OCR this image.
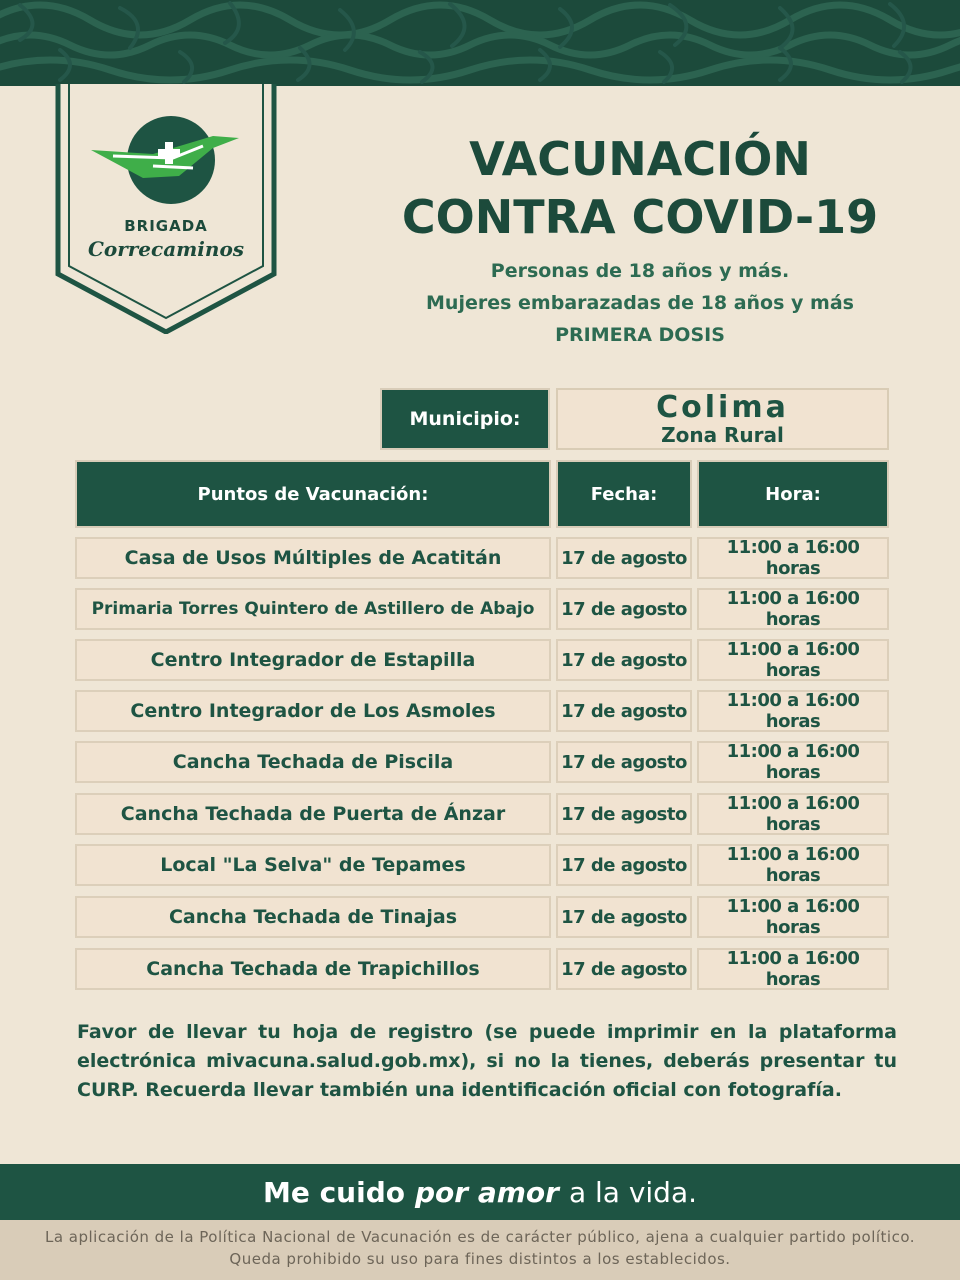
BRIGADA
Correcaminos
VACUNACIÓN
CONTRA COVID-19
Personas de 18 años y más.
Mujeres embarazadas de 18 años y más
PRIMERA DOSIS
Municipio:	Colima
Zona Rural
Puntos de Vacunación:	Fecha:	Hora:
Casa de Usos Múltiples de Acatitán	17 de agosto	11:00 a 16:00 horas
Primaria Torres Quintero de Astillero de Abajo	17 de agosto	11:00 a 16:00 horas
Centro Integrador de Estapilla	17 de agosto	11:00 a 16:00 horas
Centro Integrador de Los Asmoles	17 de agosto	11:00 a 16:00 horas
Cancha Techada de Piscila	17 de agosto	11:00 a 16:00 horas
Cancha Techada de Puerta de Ánzar	17 de agosto	11:00 a 16:00 horas
Local "La Selva" de Tepames	17 de agosto	11:00 a 16:00 horas
Cancha Techada de Tinajas	17 de agosto	11:00 a 16:00 horas
Cancha Techada de Trapichillos	17 de agosto	11:00 a 16:00 horas
Favor de llevar tu hoja de registro (se puede imprimir en la plataforma electrónica mivacuna.salud.gob.mx), si no la tienes, deberás presentar tu CURP. Recuerda llevar también una identificación oficial con fotografía.
Me cuido por amor a la vida.
La aplicación de la Política Nacional de Vacunación es de carácter público, ajena a cualquier partido político. Queda prohibido su uso para fines distintos a los establecidos.
